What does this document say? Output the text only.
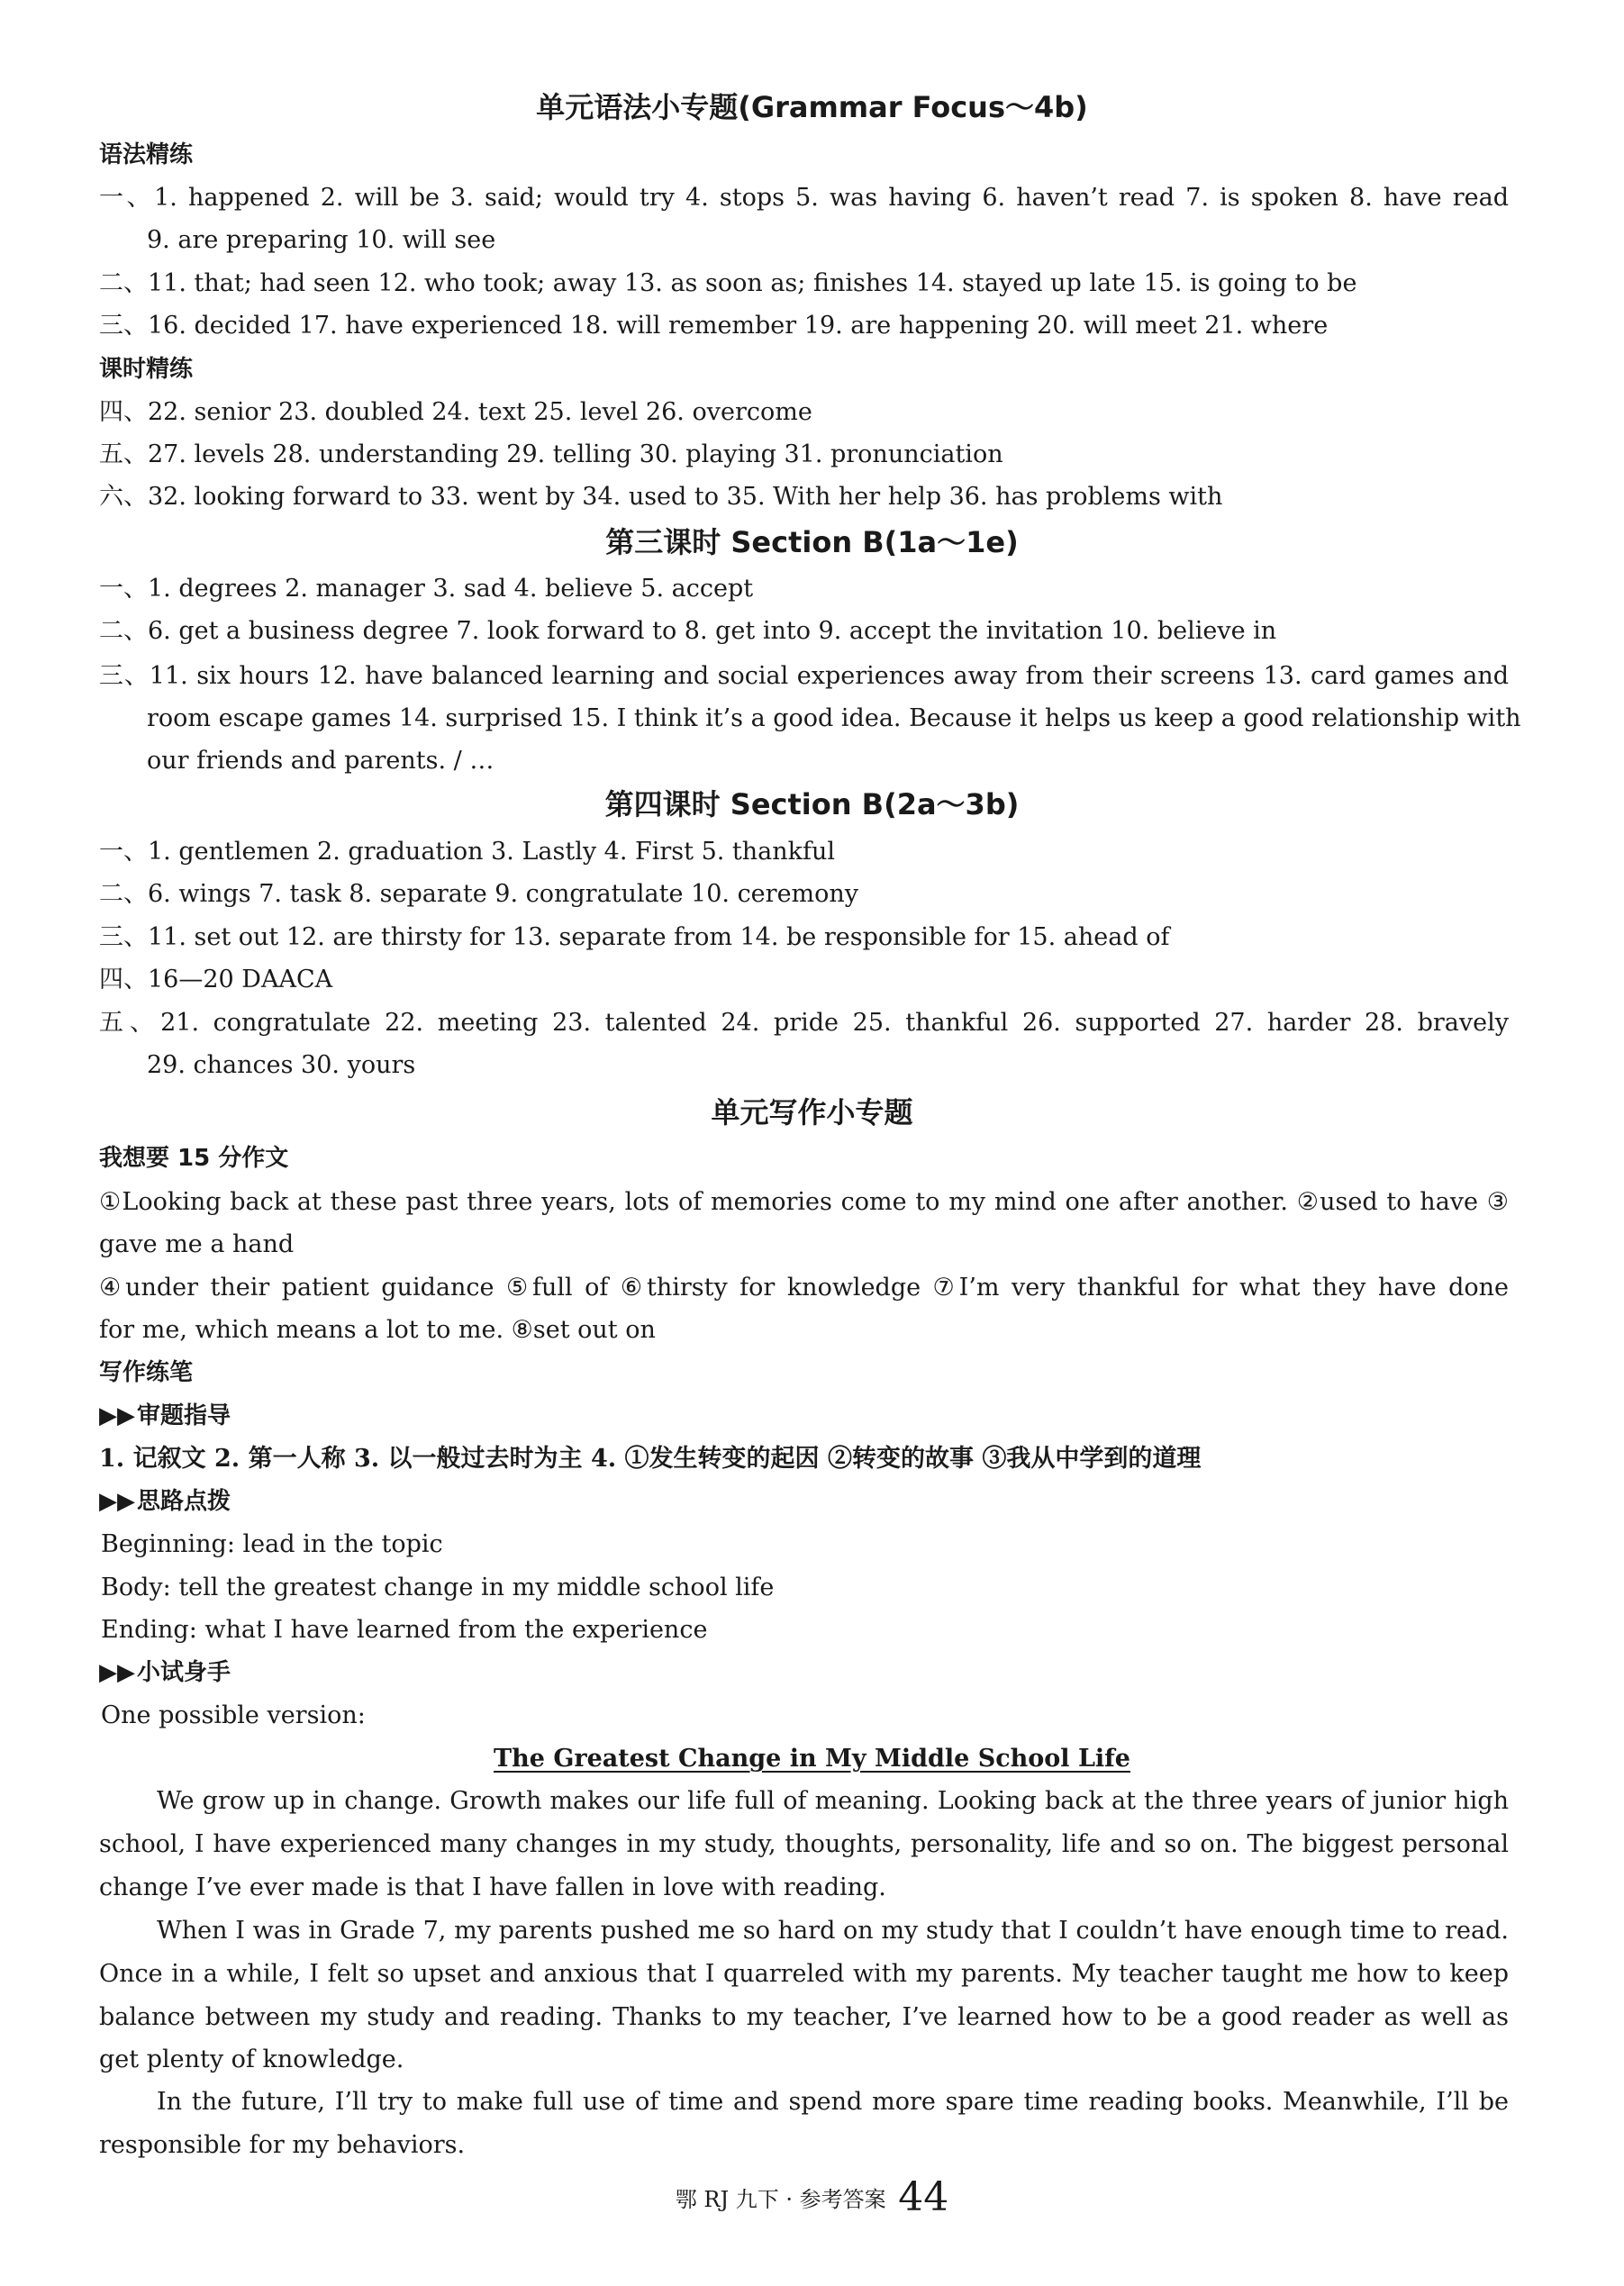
单元语法小专题(Grammar Focus～4b)
语法精练
一、1. happened 2. will be 3. said; would try 4. stops 5. was having 6. haven’t read 7. is spoken 8. have read
9. are preparing 10. will see
二、11. that; had seen 12. who took; away 13. as soon as; finishes 14. stayed up late 15. is going to be
三、16. decided 17. have experienced 18. will remember 19. are happening 20. will meet 21. where
课时精练
四、22. senior 23. doubled 24. text 25. level 26. overcome
五、27. levels 28. understanding 29. telling 30. playing 31. pronunciation
六、32. looking forward to 33. went by 34. used to 35. With her help 36. has problems with
第三课时 Section B(1a～1e)
一、1. degrees 2. manager 3. sad 4. believe 5. accept
二、6. get a business degree 7. look forward to 8. get into 9. accept the invitation 10. believe in
三、11. six hours 12. have balanced learning and social experiences away from their screens 13. card games and
room escape games 14. surprised 15. I think it’s a good idea. Because it helps us keep a good relationship with
our friends and parents. / …
第四课时 Section B(2a～3b)
一、1. gentlemen 2. graduation 3. Lastly 4. First 5. thankful
二、6. wings 7. task 8. separate 9. congratulate 10. ceremony
三、11. set out 12. are thirsty for 13. separate from 14. be responsible for 15. ahead of
四、16—20 DAACA
五、21. congratulate 22. meeting 23. talented 24. pride 25. thankful 26. supported 27. harder 28. bravely
29. chances 30. yours
单元写作小专题
我想要 15 分作文
①Looking back at these past three years, lots of memories come to my mind one after another. ②used to have ③
gave me a hand
④under their patient guidance ⑤full of ⑥thirsty for knowledge ⑦I’m very thankful for what they have done
for me, which means a lot to me. ⑧set out on
写作练笔
▶▶审题指导
1. 记叙文 2. 第一人称 3. 以一般过去时为主 4. ①发生转变的起因 ②转变的故事 ③我从中学到的道理
▶▶思路点拨
Beginning: lead in the topic
Body: tell the greatest change in my middle school life
Ending: what I have learned from the experience
▶▶小试身手
One possible version:
The Greatest Change in My Middle School Life
We grow up in change. Growth makes our life full of meaning. Looking back at the three years of junior high school, I have experienced many changes in my study, thoughts, personality, life and so on. The biggest personal change I’ve ever made is that I have fallen in love with reading.
When I was in Grade 7, my parents pushed me so hard on my study that I couldn’t have enough time to read. Once in a while, I felt so upset and anxious that I quarreled with my parents. My teacher taught me how to keep balance between my study and reading. Thanks to my teacher, I’ve learned how to be a good reader as well as get plenty of knowledge.
In the future, I’ll try to make full use of time and spend more spare time reading books. Meanwhile, I’ll be responsible for my behaviors.
鄂 RJ 九下 · 参考答案 44
